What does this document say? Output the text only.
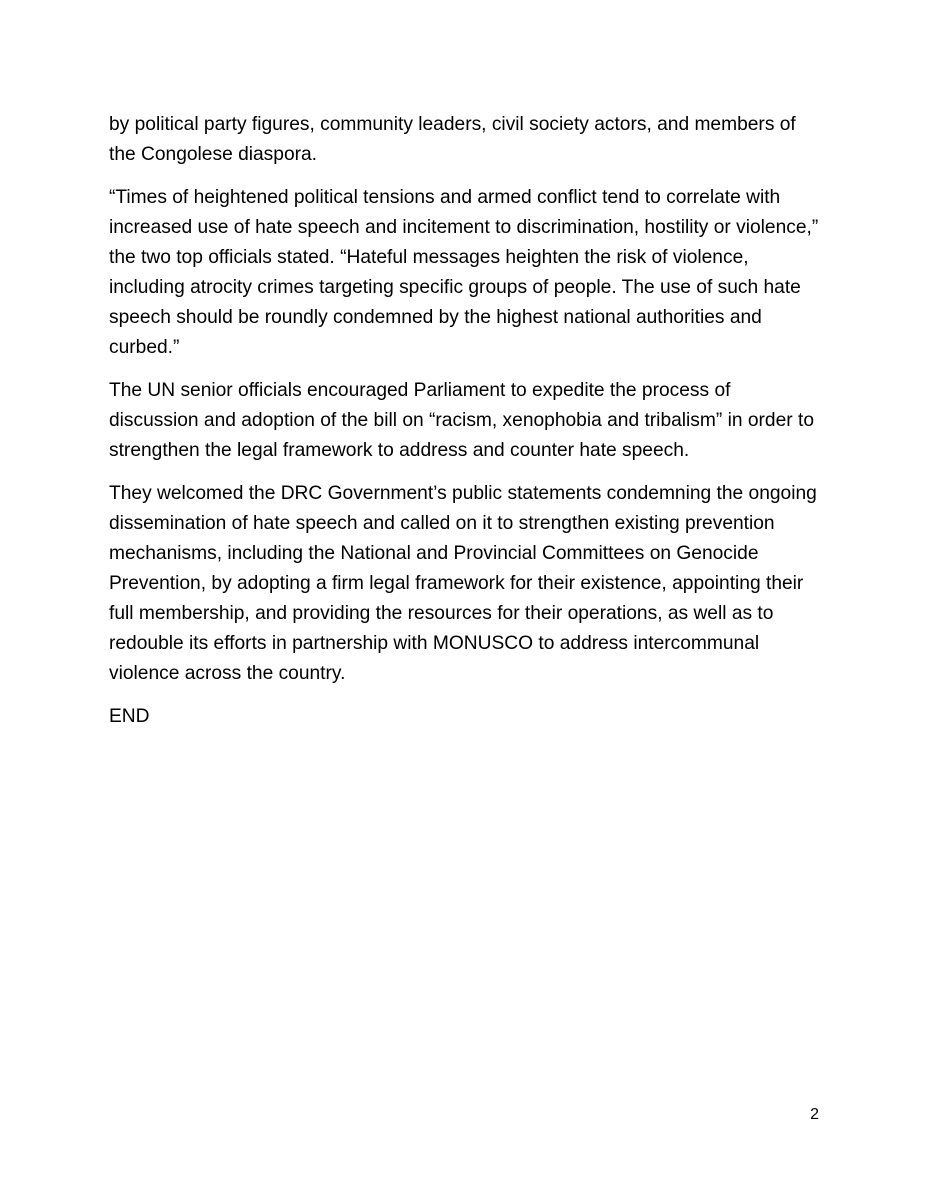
by political party figures, community leaders, civil society actors, and members of the Congolese diaspora.

“Times of heightened political tensions and armed conflict tend to correlate with increased use of hate speech and incitement to discrimination, hostility or violence,” the two top officials stated. “Hateful messages heighten the risk of violence, including atrocity crimes targeting specific groups of people. The use of such hate speech should be roundly condemned by the highest national authorities and curbed.”

The UN senior officials encouraged Parliament to expedite the process of discussion and adoption of the bill on “racism, xenophobia and tribalism” in order to strengthen the legal framework to address and counter hate speech.

They welcomed the DRC Government’s public statements condemning the ongoing dissemination of hate speech and called on it to strengthen existing prevention mechanisms, including the National and Provincial Committees on Genocide Prevention, by adopting a firm legal framework for their existence, appointing their full membership, and providing the resources for their operations, as well as to redouble its efforts in partnership with MONUSCO to address intercommunal violence across the country.

END

2
